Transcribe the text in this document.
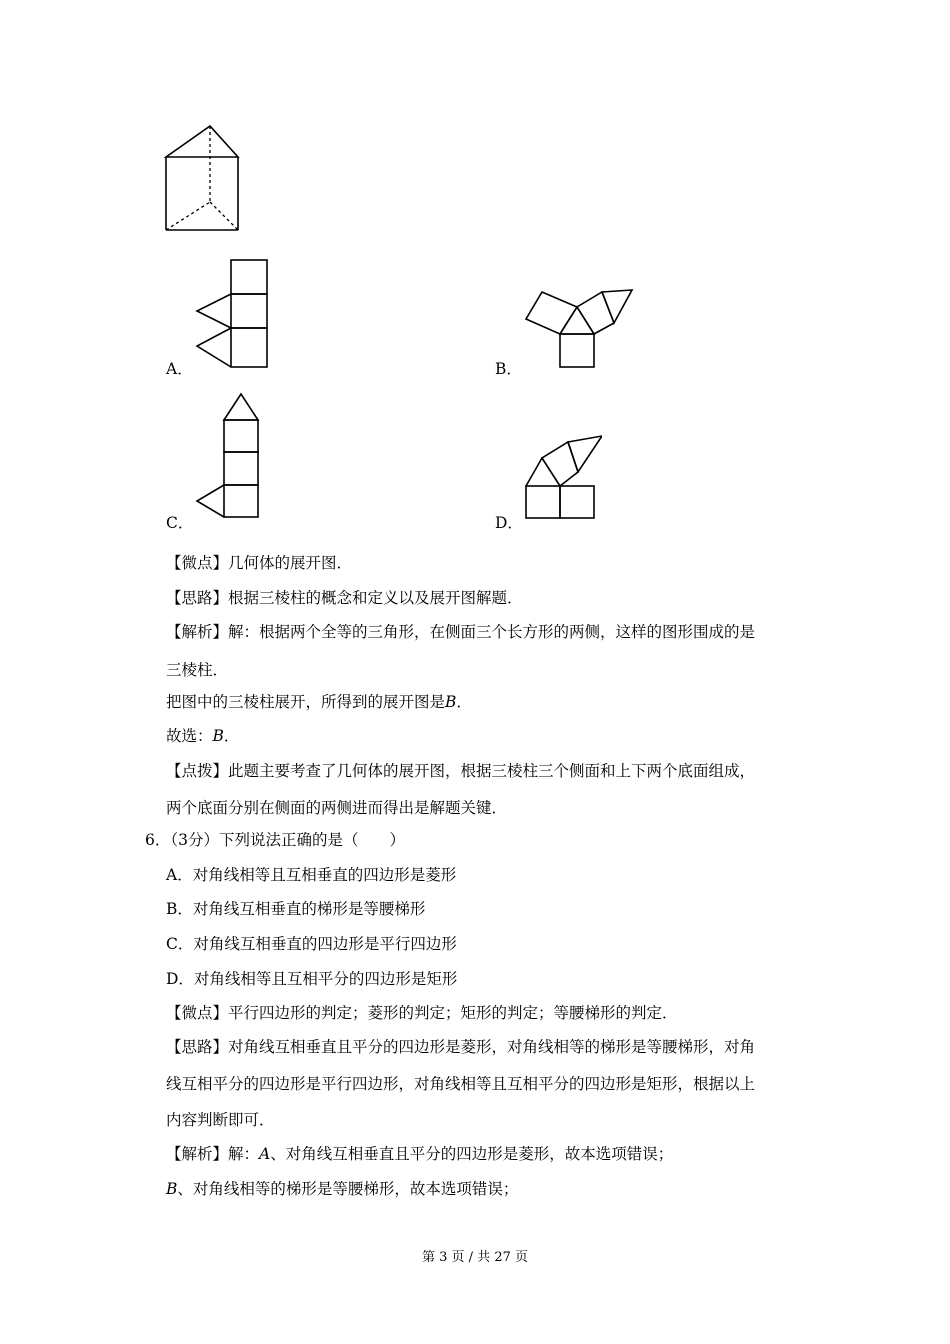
A．	B．
C．	D．
【微点】几何体的展开图．
【思路】根据三棱柱的概念和定义以及展开图解题．
【解析】解：根据两个全等的三角形，在侧面三个长方形的两侧，这样的图形围成的是
三棱柱．
把图中的三棱柱展开，所得到的展开图是B．
故选：B．
【点拨】此题主要考查了几何体的展开图，根据三棱柱三个侧面和上下两个底面组成，
两个底面分别在侧面的两侧进而得出是解题关键．
6．（3分）下列说法正确的是（　　）
A．对角线相等且互相垂直的四边形是菱形
B．对角线互相垂直的梯形是等腰梯形
C．对角线互相垂直的四边形是平行四边形
D．对角线相等且互相平分的四边形是矩形
【微点】平行四边形的判定；菱形的判定；矩形的判定；等腰梯形的判定．
【思路】对角线互相垂直且平分的四边形是菱形，对角线相等的梯形是等腰梯形，对角
线互相平分的四边形是平行四边形，对角线相等且互相平分的四边形是矩形，根据以上
内容判断即可．
【解析】解：A、对角线互相垂直且平分的四边形是菱形，故本选项错误；
B、对角线相等的梯形是等腰梯形，故本选项错误；
第 3 页 / 共 27 页
